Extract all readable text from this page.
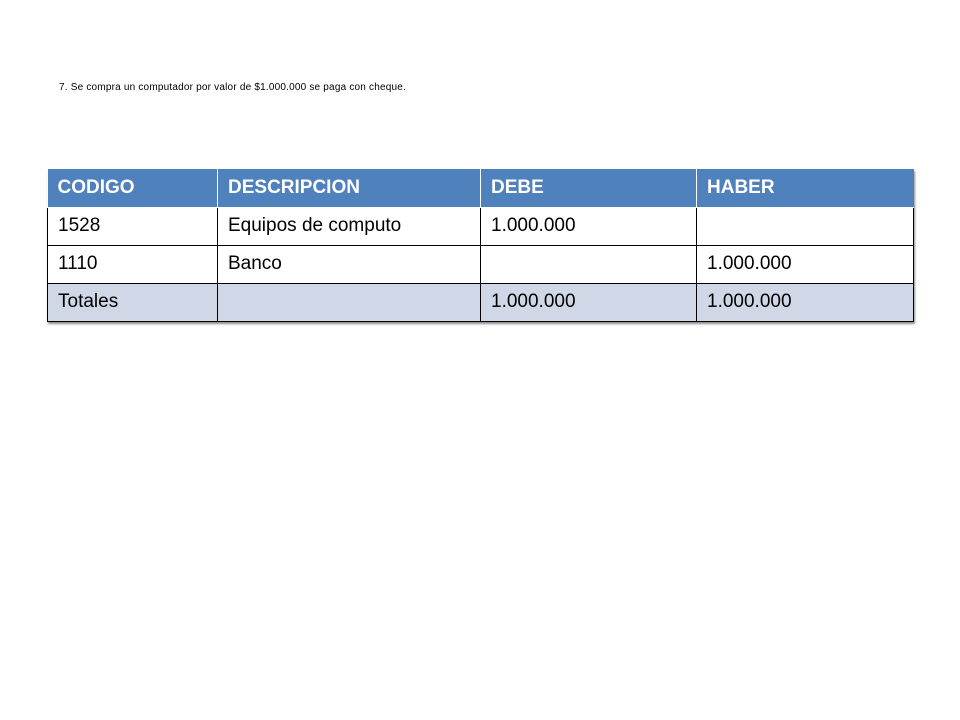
7. Se compra un computador por valor de $1.000.000 se paga con cheque.
CODIGO	DESCRIPCION	DEBE	HABER
1528	Equipos de computo	1.000.000	
1110	Banco		1.000.000
Totales		1.000.000	1.000.000
